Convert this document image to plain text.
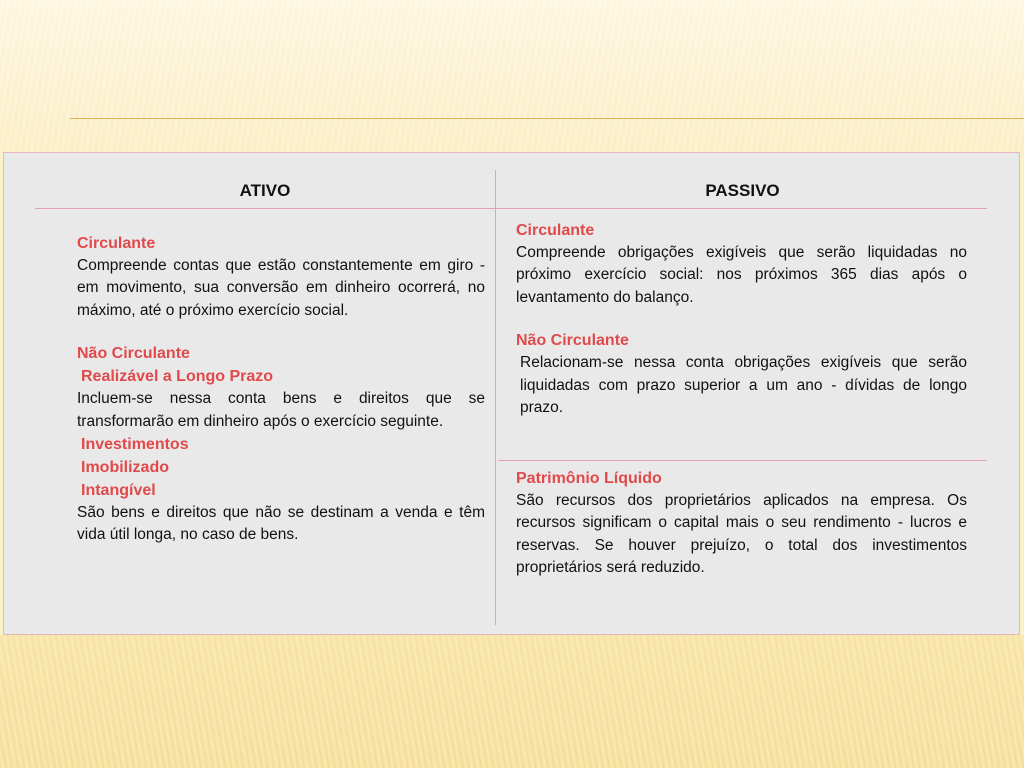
ATIVO	PASSIVO
Circulante
Compreende contas que estão constantemente em giro - em movimento, sua conversão em dinheiro ocorrerá, no máximo, até o próximo exercício social.
Não Circulante
Realizável a Longo Prazo
Incluem-se nessa conta bens e direitos que se transformarão em dinheiro após o exercício seguinte.
Investimentos
Imobilizado
Intangível
São bens e direitos que não se destinam a venda e têm vida útil longa, no caso de bens.
Circulante
Compreende obrigações exigíveis que serão liquidadas no próximo exercício social: nos próximos 365 dias após o levantamento do balanço.
Não Circulante
Relacionam-se nessa conta obrigações exigíveis que serão liquidadas com prazo superior a um ano - dívidas de longo prazo.
Patrimônio Líquido
São recursos dos proprietários aplicados na empresa. Os recursos significam o capital mais o seu rendimento - lucros e reservas. Se houver prejuízo, o total dos investimentos proprietários será reduzido.
